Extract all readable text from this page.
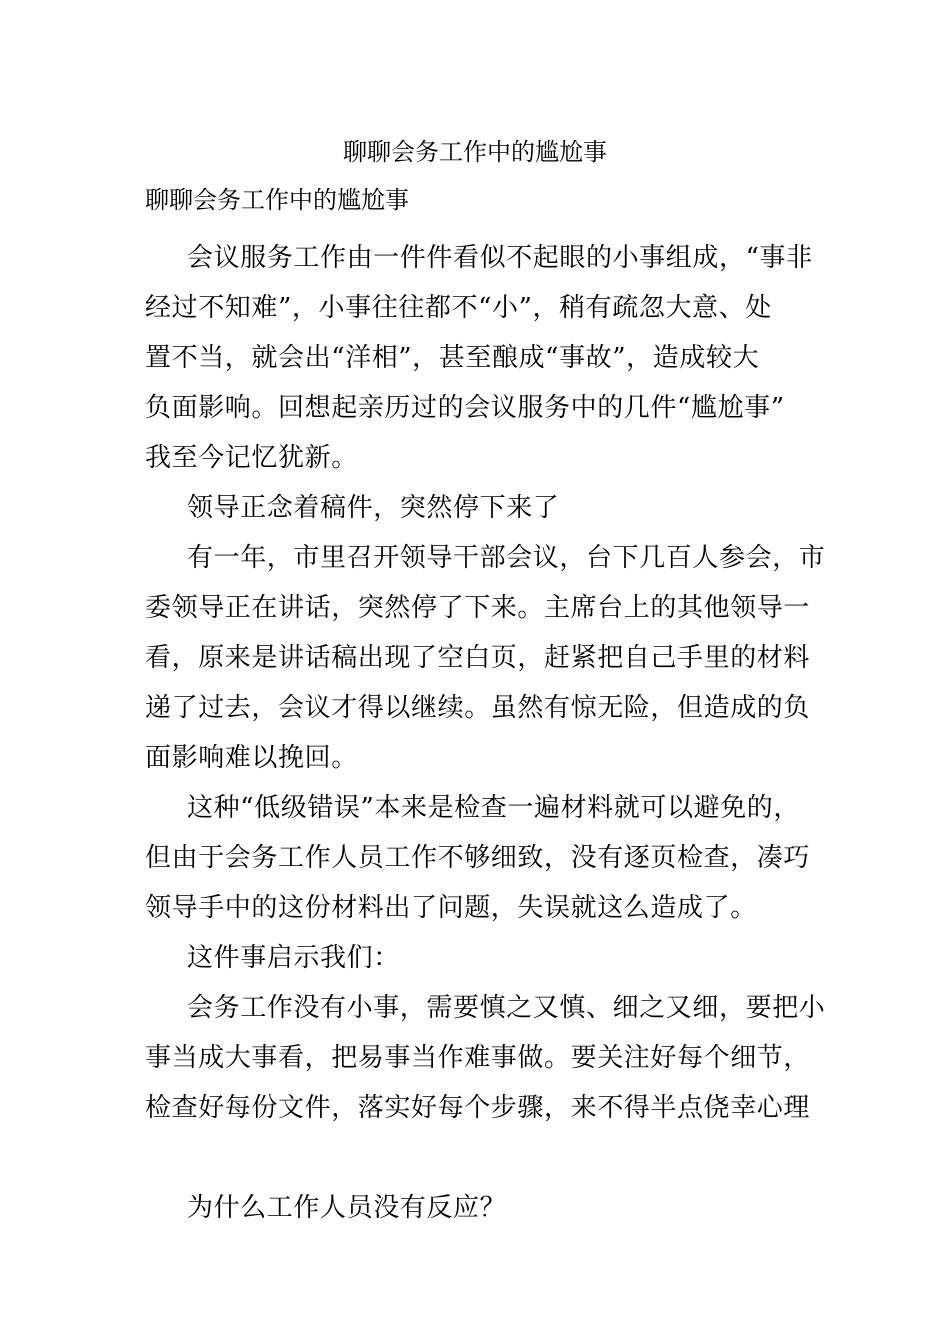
聊聊会务工作中的尴尬事

聊聊会务工作中的尴尬事

会议服务工作由一件件看似不起眼的小事组成，“事非
经过不知难”，小事往往都不“小”，稍有疏忽大意、处
置不当，就会出“洋相”，甚至酿成“事故”，造成较大
负面影响。回想起亲历过的会议服务中的几件“尴尬事”
我至今记忆犹新。

领导正念着稿件，突然停下来了

有一年，市里召开领导干部会议，台下几百人参会，市
委领导正在讲话，突然停了下来。主席台上的其他领导一
看，原来是讲话稿出现了空白页，赶紧把自己手里的材料
递了过去，会议才得以继续。虽然有惊无险，但造成的负
面影响难以挽回。

这种“低级错误”本来是检查一遍材料就可以避免的，
但由于会务工作人员工作不够细致，没有逐页检查，凑巧
领导手中的这份材料出了问题，失误就这么造成了。

这件事启示我们：

会务工作没有小事，需要慎之又慎、细之又细，要把小
事当成大事看，把易事当作难事做。要关注好每个细节，
检查好每份文件，落实好每个步骤，来不得半点侥幸心理

为什么工作人员没有反应？
